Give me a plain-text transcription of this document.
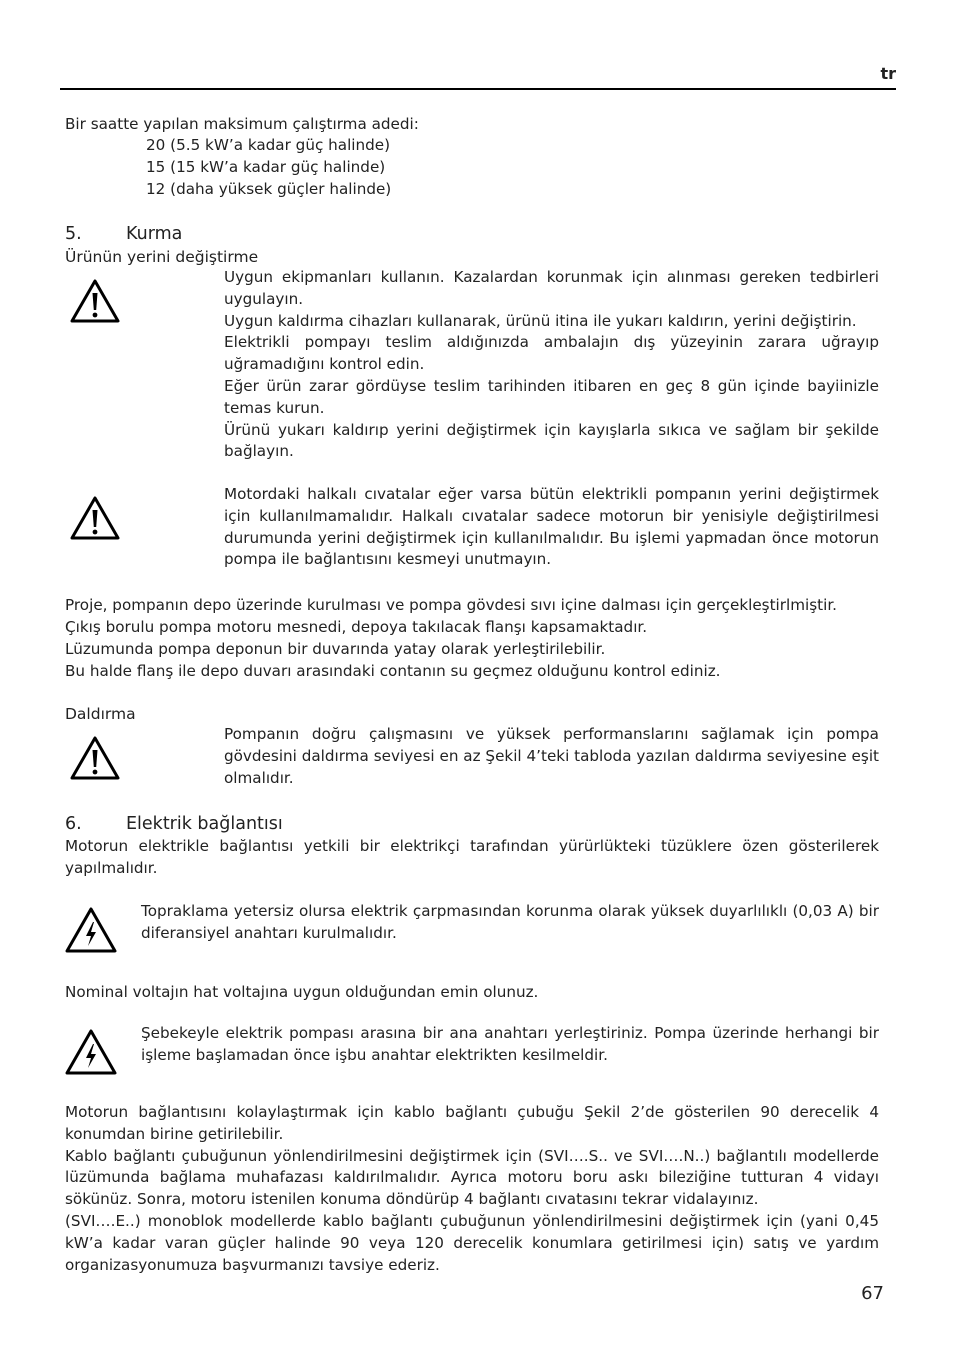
tr
Bir saatte yapılan maksimum çalıştırma adedi:
20 (5.5 kW’a kadar güç halinde)
15 (15 kW’a kadar güç halinde)
12 (daha yüksek güçler halinde)
5.	Kurma
Ürünün yerini değiştirme

Uygun ekipmanları kullanın. Kazalardan korunmak için alınması gereken tedbirleri uygulayın.

Uygun kaldırma cihazları kullanarak, ürünü itina ile yukarı kaldırın, yerini değiştirin.

Elektrikli pompayı teslim aldığınızda ambalajın dış yüzeyinin zarara uğrayıp uğramadığını kontrol edin.

Eğer ürün zarar gördüyse teslim tarihinden itibaren en geç 8 gün içinde bayiinizle temas kurun.

Ürünü yukarı kaldırıp yerini değiştirmek için kayışlarla sıkıca ve sağlam bir şekilde bağlayın.

Motordaki halkalı cıvatalar eğer varsa bütün elektrikli pompanın yerini değiştirmek için kullanılmamalıdır. Halkalı cıvatalar sadece motorun bir yenisiyle değiştirilmesi durumunda yerini değiştirmek için kullanılmalıdır. Bu işlemi yapmadan önce motorun pompa ile bağlantısını kesmeyi unutmayın.

Proje, pompanın depo üzerinde kurulması ve pompa gövdesi sıvı içine dalması için gerçekleştirlmiştir.
Çıkış borulu pompa motoru mesnedi, depoya takılacak flanşı kapsamaktadır.
Lüzumunda pompa deponun bir duvarında yatay olarak yerleştirilebilir.
Bu halde flanş ile depo duvarı arasındaki contanın su geçmez olduğunu kontrol ediniz.
Daldırma

Pompanın doğru çalışmasını ve yüksek performanslarını sağlamak için pompa gövdesini daldırma seviyesi en az Şekil 4’teki tabloda yazılan daldırma seviyesine eşit olmalıdır.

6.	Elektrik bağlantısı

Motorun elektrikle bağlantısı yetkili bir elektrikçi tarafından yürürlükteki tüzüklere özen gösterilerek yapılmalıdır.

Topraklama yetersiz olursa elektrik çarpmasından korunma olarak yüksek duyarlılıklı (0,03 A) bir diferansiyel anahtarı kurulmalıdır.

Nominal voltajın hat voltajına uygun olduğundan emin olunuz.

Şebekeyle elektrik pompası arasına bir ana anahtarı yerleştiriniz. Pompa üzerinde herhangi bir işleme başlamadan önce işbu anahtar elektrikten kesilmeldir.

Motorun bağlantısını kolaylaştırmak için kablo bağlantı çubuğu Şekil 2’de gösterilen 90 derecelik 4 konumdan birine getirilebilir.

Kablo bağlantı çubuğunun yönlendirilmesini değiştirmek için (SVI….S.. ve SVI….N..) bağlantılı modellerde lüzümunda bağlama muhafazası kaldırılmalıdır. Ayrıca motoru boru askı bileziğine tutturan 4 vidayı sökünüz. Sonra, motoru istenilen konuma döndürüp 4 bağlantı cıvatasını tekrar vidalayınız.

(SVI….E..) monoblok modellerde kablo bağlantı çubuğunun yönlendirilmesini değiştirmek için (yani 0,45 kW’a kadar varan güçler halinde 90 veya 120 derecelik konumlara getirilmesi için) satış ve yardım organizasyonumuza başvurmanızı tavsiye ederiz.

67
